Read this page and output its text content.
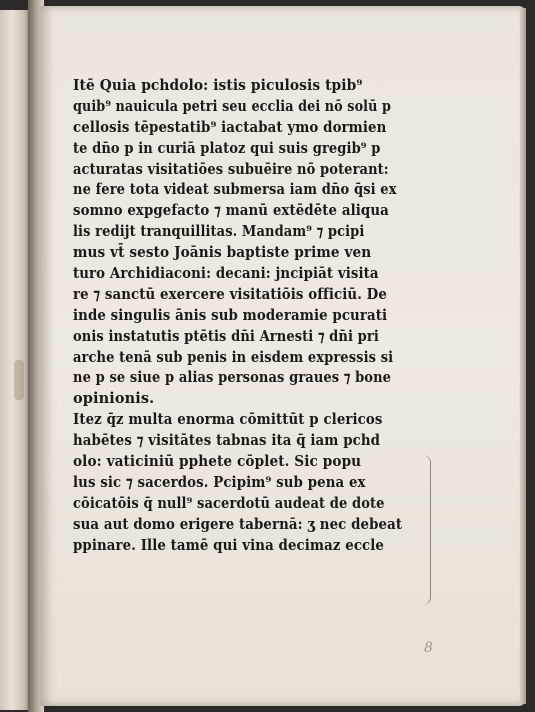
Itē Quia pchdolo: istis piculosis tpib⁹
quib⁹ nauicula petri seu ecclia dei nō solū p
cellosis tēpestatib⁹ iactabat ymo dormien
te dn̄o p in curiā platoz qui suis gregib⁹ p
acturatas visitatiōes subuēire nō poterant:
ne fere tota videat submersa iam dn̄o q̄si ex
somno expgefacto ⁊ manū extēdēte aliqua
lis redijt tranquillitas. Mandam⁹ ⁊ pcipi
mus vt̄ sesto Joānis baptiste prime ven
turo Archidiaconi: decani: jncipiāt visita
re ⁊ sanctū exercere visitatiōis officiū. De
inde singulis ānis sub moderamie pcurati
onis instatutis ptētis dn̄i Arnesti ⁊ dn̄i pri
arche tenā sub penis in eisdem expressis si
ne p se siue p alias personas graues ⁊ bone
opinionis.
Itez q̄z multa enorma cōmittūt p clericos
habētes ⁊ visitātes tabnas ita q̄ iam pchd
olo: vaticiniū pphete cōplet. Sic popu
lus sic ⁊ sacerdos. Pcipim⁹ sub pena ex
cōicatōis q̄ null⁹ sacerdotū audeat de dote
sua aut domo erigere tabernā: ʒ nec debeat
ppinare. Ille tamē qui vina decimaz eccle
8
